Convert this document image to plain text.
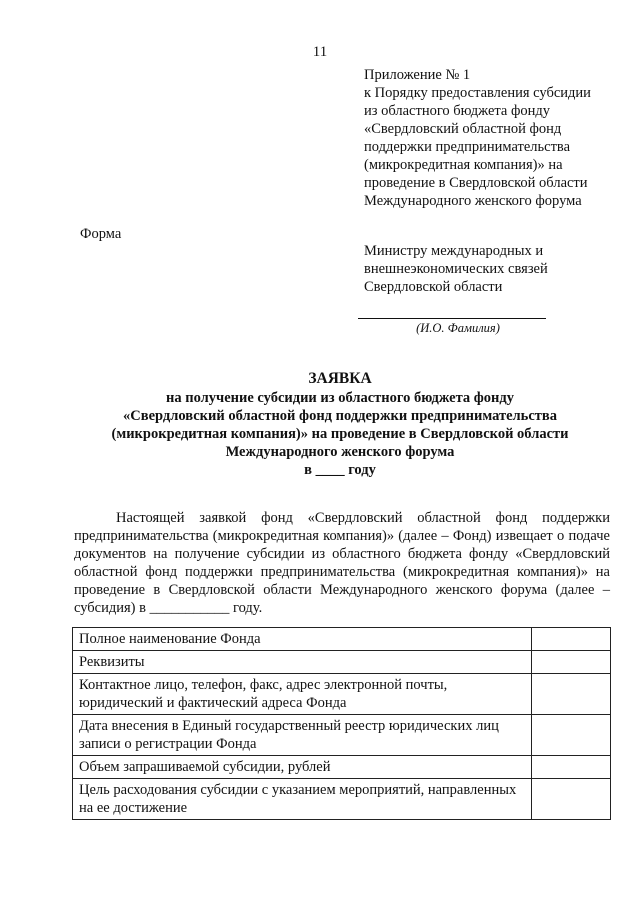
11
Приложение № 1
к Порядку предоставления субсидии
из областного бюджета фонду
«Свердловский областной фонд
поддержки предпринимательства
(микрокредитная компания)» на
проведение в Свердловской области
Международного женского форума
Форма
Министру международных и
внешнеэкономических связей
Свердловской области
(И.О. Фамилия)
ЗАЯВКА
на получение субсидии из областного бюджета фонду
«Свердловский областной фонд поддержки предпринимательства
(микрокредитная компания)» на проведение в Свердловской области
Международного женского форума
в ____ году
Настоящей заявкой фонд «Свердловский областной фонд поддержки предпринимательства (микрокредитная компания)» (далее – Фонд) извещает о подаче документов на получение субсидии из областного бюджета фонду «Свердловский областной фонд поддержки предпринимательства (микрокредитная компания)» на проведение в Свердловской области Международного женского форума (далее – субсидия) в ___________ году.
Полное наименование Фонда	
Реквизиты	
Контактное лицо, телефон, факс, адрес электронной почты, юридический и фактический адреса Фонда	
Дата внесения в Единый государственный реестр юридических лиц записи о регистрации Фонда	
Объем запрашиваемой субсидии, рублей	
Цель расходования субсидии с указанием мероприятий, направленных на ее достижение	
